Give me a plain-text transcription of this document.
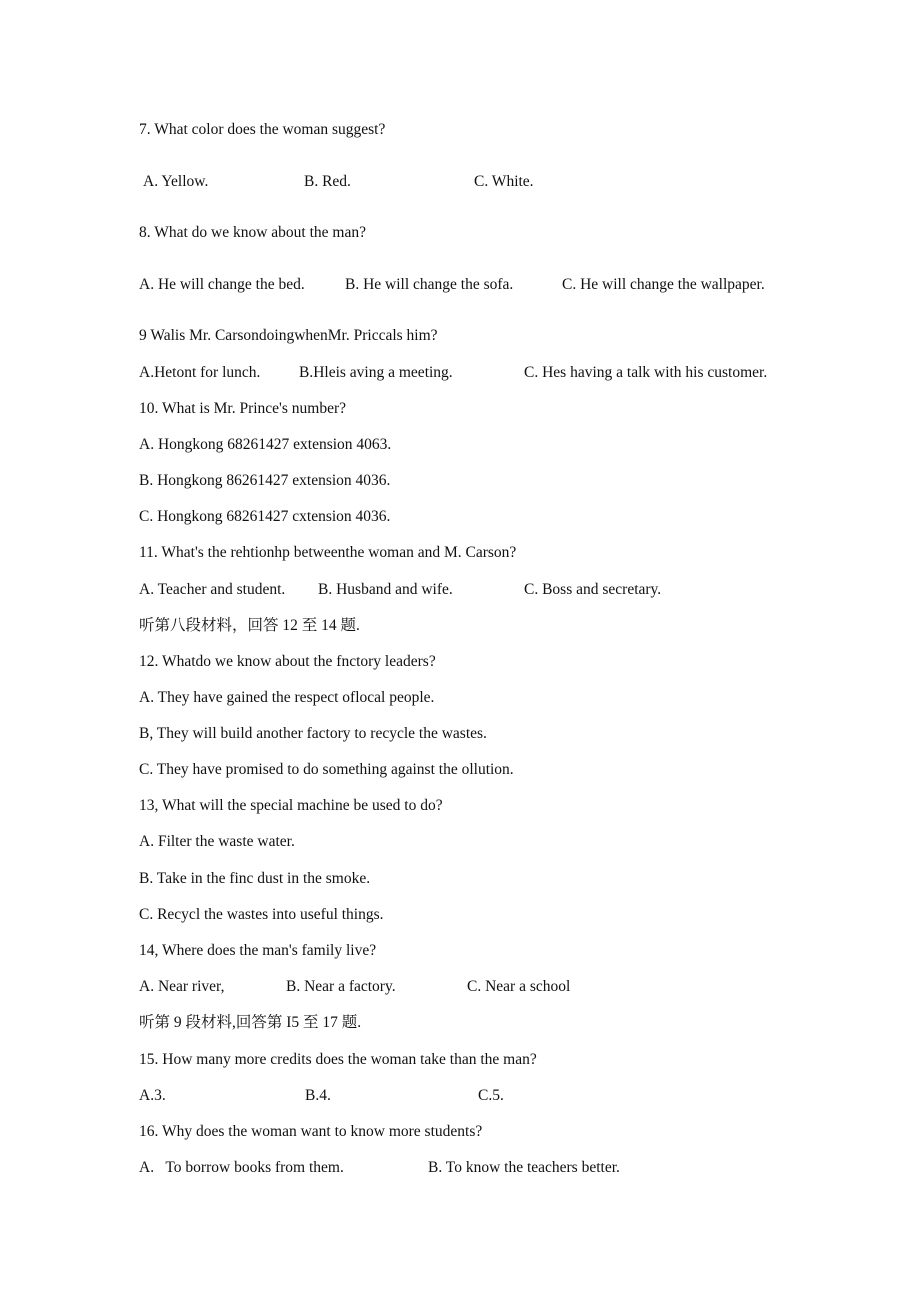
7. What color does the woman suggest?
A. Yellow.	B. Red.	C. White.
8. What do we know about the man?
A. He will change the bed.	B. He will change the sofa.	C. He will change the wallpaper.
9 Walis Mr. CarsondoingwhenMr. Priccals him?
A.Hetont for lunch. B.Hleis aving a meeting.	C. Hes having a talk with his customer.
10. What is Mr. Prince's number?
A. Hongkong 68261427 extension 4063.
B. Hongkong 86261427 extension 4036.
C. Hongkong 68261427 cxtension 4036.
11. What's the rehtionhp betweenthe woman and M. Carson?
A. Teacher and student. B. Husband and wife.	C. Boss and secretary.
听第八段材料，回答 12 至 14 题.
12. Whatdo we know about the fnctory leaders?
A. They have gained the respect oflocal people.
B, They will build another factory to recycle the wastes.
C. They have promised to do something against the ollution.
13, What will the special machine be used to do?
A. Filter the waste water.
B. Take in the finc dust in the smoke.
C. Recycl the wastes into useful things.
14, Where does the man's family live?
A. Near river,	B. Near a factory.	C. Near a school
听第 9 段材料,回答第 I5 至 17 题.
15. How many more credits does the woman take than the man?
A.3.	B.4.	C.5.
16. Why does the woman want to know more students?
A.   To borrow books from them.	B. To know the teachers better.
